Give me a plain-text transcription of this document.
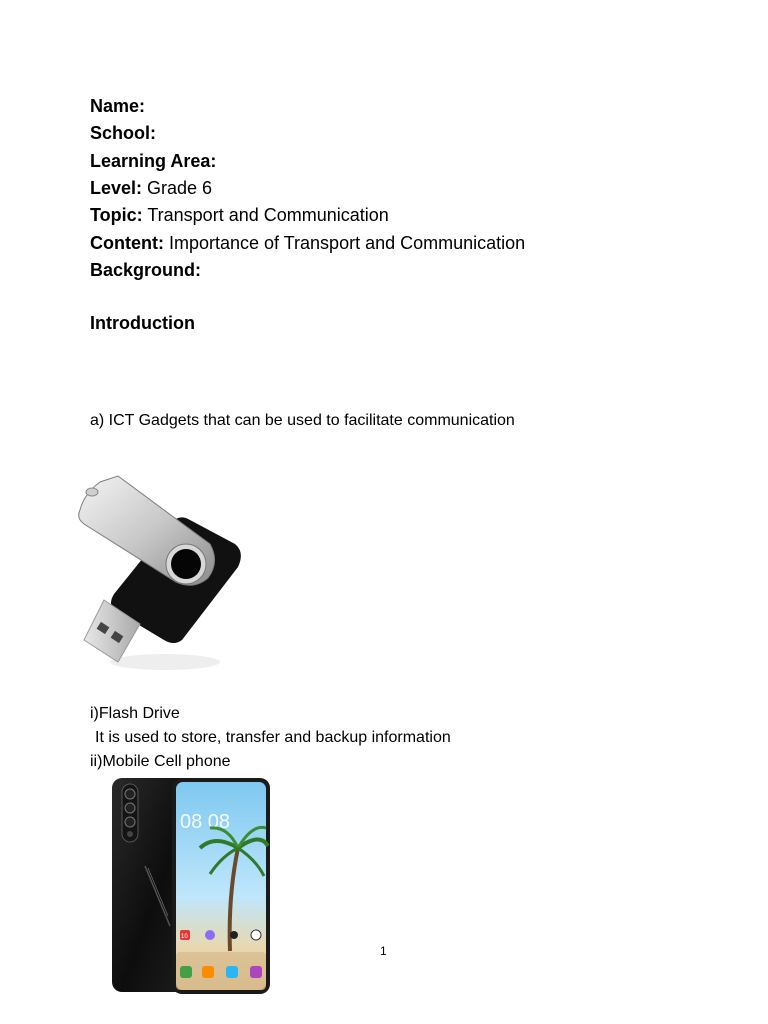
Name:
School:
Learning Area:
Level: Grade 6
Topic: Transport and Communication
Content: Importance of Transport and Communication
Background:
Introduction
a) ICT Gadgets that can be used to facilitate communication
i)Flash Drive
It is used to store, transfer and backup information
ii)Mobile Cell phone
08 08
10
1
